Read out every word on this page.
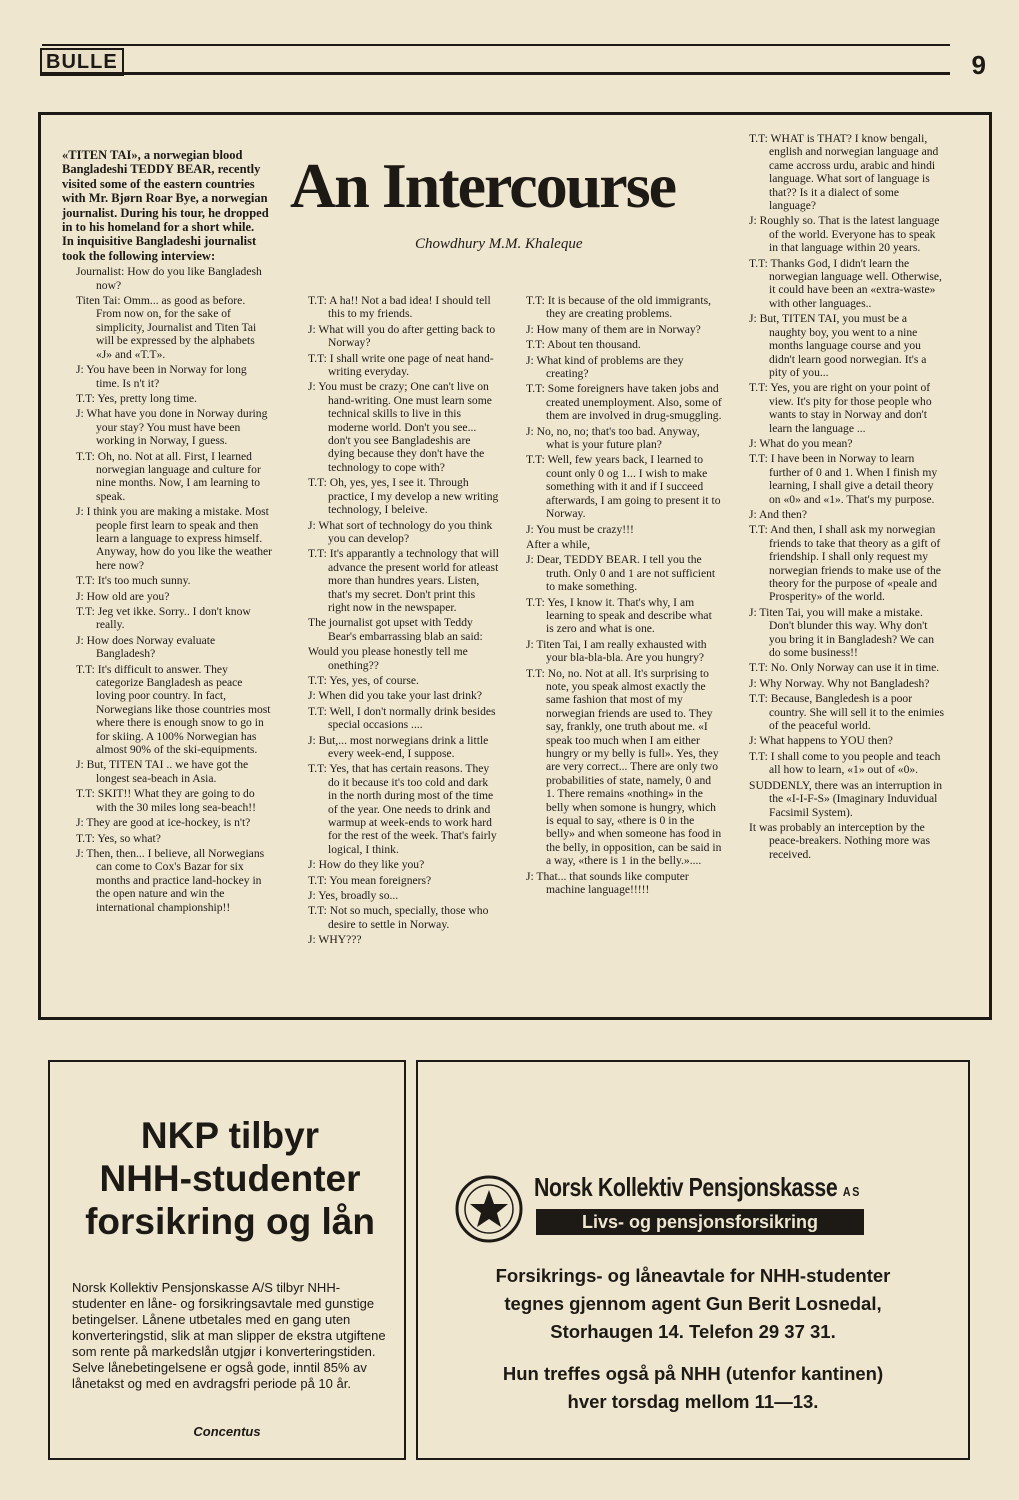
BULLE	9
«TITEN TAI», a norwegian blood Bangladeshi TEDDY BEAR, recently visited some of the eastern countries with Mr. Bjørn Roar Bye, a norwegian journalist. During his tour, he dropped in to his homeland for a short while.
In inquisitive Bangladeshi journalist took the following interview:
Journalist: How do you like Bangladesh now?
Titen Tai: Omm... as good as before. From now on, for the sake of simplicity, Journalist and Titen Tai will be expressed by the alphabets «J» and «T.T».
J: You have been in Norway for long time. Is n't it?
T.T: Yes, pretty long time.
J: What have you done in Norway during your stay? You must have been working in Norway, I guess.
T.T: Oh, no. Not at all. First, I learned norwegian language and culture for nine months. Now, I am learning to speak.
J: I think you are making a mistake. Most people first learn to speak and then learn a language to express himself. Anyway, how do you like the weather here now?
T.T: It's too much sunny.
J: How old are you?
T.T: Jeg vet ikke. Sorry.. I don't know really.
J: How does Norway evaluate Bangladesh?
T.T: It's difficult to answer. They categorize Bangladesh as peace loving poor country. In fact, Norwegians like those countries most where there is enough snow to go in for skiing. A 100% Norwegian has almost 90% of the ski-equipments.
J: But, TITEN TAI .. we have got the longest sea-beach in Asia.
T.T: SKIT!! What they are going to do with the 30 miles long sea-beach!!
J: They are good at ice-hockey, is n't?
T.T: Yes, so what?
J: Then, then... I believe, all Norwegians can come to Cox's Bazar for six months and practice land-hockey in the open nature and win the international championship!!
An Intercourse
Chowdhury M.M. Khaleque
T.T: A ha!! Not a bad idea! I should tell this to my friends.
J: What will you do after getting back to Norway?
T.T: I shall write one page of neat hand-writing everyday.
J: You must be crazy; One can't live on hand-writing. One must learn some technical skills to live in this moderne world. Don't you see... don't you see Bangladeshis are dying because they don't have the technology to cope with?
T.T: Oh, yes, yes, I see it. Through practice, I my develop a new writing technology, I beleive.
J: What sort of technology do you think you can develop?
T.T: It's apparantly a technology that will advance the present world for atleast more than hundres years. Listen, that's my secret. Don't print this right now in the newspaper.
The journalist got upset with Teddy Bear's embarrassing blab an said:
Would you please honestly tell me onething??
T.T: Yes, yes, of course.
J: When did you take your last drink?
T.T: Well, I don't normally drink besides special occasions ....
J: But,... most norwegians drink a little every week-end, I suppose.
T.T: Yes, that has certain reasons. They do it because it's too cold and dark in the north during most of the time of the year. One needs to drink and warmup at week-ends to work hard for the rest of the week. That's fairly logical, I think.
J: How do they like you?
T.T: You mean foreigners?
J: Yes, broadly so...
T.T: Not so much, specially, those who desire to settle in Norway.
J: WHY???
T.T: It is because of the old immigrants, they are creating problems.
J: How many of them are in Norway?
T.T: About ten thousand.
J: What kind of problems are they creating?
T.T: Some foreigners have taken jobs and created unemployment. Also, some of them are involved in drug-smuggling.
J: No, no, no; that's too bad. Anyway, what is your future plan?
T.T: Well, few years back, I learned to count only 0 og 1... I wish to make something with it and if I succeed afterwards, I am going to present it to Norway.
J: You must be crazy!!!
After a while,
J: Dear, TEDDY BEAR. I tell you the truth. Only 0 and 1 are not sufficient to make something.
T.T: Yes, I know it. That's why, I am learning to speak and describe what is zero and what is one.
J: Titen Tai, I am really exhausted with your bla-bla-bla. Are you hungry?
T.T: No, no. Not at all. It's surprising to note, you speak almost exactly the same fashion that most of my norwegian friends are used to. They say, frankly, one truth about me. «I speak too much when I am either hungry or my belly is full». Yes, they are very correct... There are only two probabilities of state, namely, 0 and 1. There remains «nothing» in the belly when somone is hungry, which is equal to say, «there is 0 in the belly» and when someone has food in the belly, in opposition, can be said in a way, «there is 1 in the belly.»....
J: That... that sounds like computer machine language!!!!!
T.T: WHAT is THAT? I know bengali, english and norwegian language and came accross urdu, arabic and hindi language. What sort of language is that?? Is it a dialect of some language?
J: Roughly so. That is the latest language of the world. Everyone has to speak in that language within 20 years.
T.T: Thanks God, I didn't learn the norwegian language well. Otherwise, it could have been an «extra-waste» with other languages..
J: But, TITEN TAI, you must be a naughty boy, you went to a nine months language course and you didn't learn good norwegian. It's a pity of you...
T.T: Yes, you are right on your point of view. It's pity for those people who wants to stay in Norway and don't learn the language ...
J: What do you mean?
T.T: I have been in Norway to learn further of 0 and 1. When I finish my learning, I shall give a detail theory on «0» and «1». That's my purpose.
J: And then?
T.T: And then, I shall ask my norwegian friends to take that theory as a gift of friendship. I shall only request my norwegian friends to make use of the theory for the purpose of «peale and Prosperity» of the world.
J: Titen Tai, you will make a mistake. Don't blunder this way. Why don't you bring it in Bangladesh? We can do some business!!
T.T: No. Only Norway can use it in time.
J: Why Norway. Why not Bangladesh?
T.T: Because, Bangledesh is a poor country. She will sell it to the enimies of the peaceful world.
J: What happens to YOU then?
T.T: I shall come to you people and teach all how to learn, «1» out of «0».
SUDDENLY, there was an interruption in the «I-I-F-S» (Imaginary Induvidual Facsimil System).
It was probably an interception by the peace-breakers. Nothing more was received.
NKP tilbyr
NHH-studenter
forsikring og lån
Norsk Kollektiv Pensjonskasse A/S tilbyr NHH-studenter en låne- og forsikringsavtale med gunstige betingelser. Lånene utbetales med en gang uten konverteringstid, slik at man slipper de ekstra utgiftene som rente på markedslån utgjør i konverteringstiden. Selve lånebetingelsene er også gode, inntil 85% av lånetakst og med en avdragsfri periode på 10 år.
Concentus
Norsk Kollektiv Pensjonskasse A S
Livs- og pensjonsforsikring
Forsikrings- og låneavtale for NHH-studenter
tegnes gjennom agent Gun Berit Losnedal,
Storhaugen 14. Telefon 29 37 31.
Hun treffes også på NHH (utenfor kantinen)
hver torsdag mellom 11—13.
